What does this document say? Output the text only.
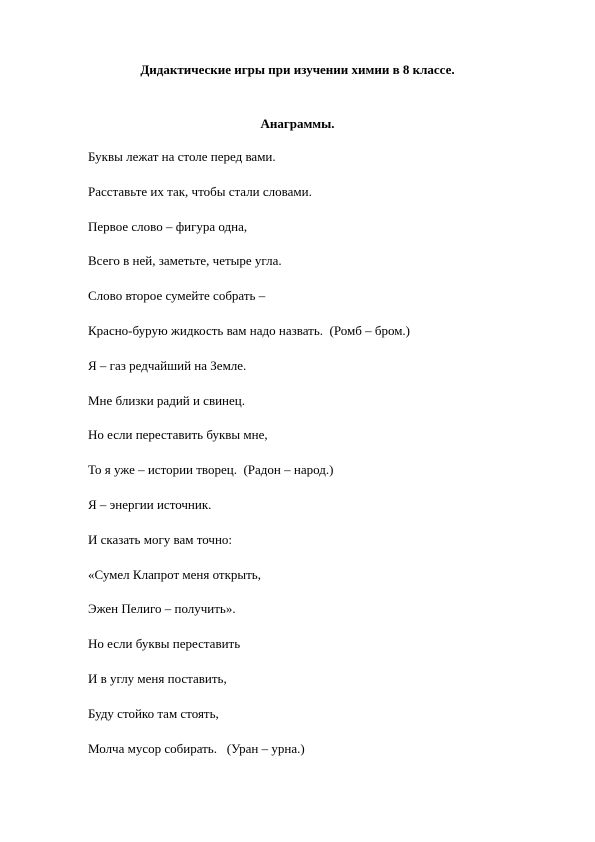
Дидактические игры при изучении химии в 8 классе.
Анаграммы.
Буквы лежат на столе перед вами.
Расставьте их так, чтобы стали словами.
Первое слово – фигура одна,
Всего в ней, заметьте, четыре угла.
Слово второе сумейте собрать –
Красно-бурую жидкость вам надо назвать.  (Ромб – бром.)
Я – газ редчайший на Земле.
Мне близки радий и свинец.
Но если переставить буквы мне,
То я уже – истории творец.  (Радон – народ.)
Я – энергии источник.
И сказать могу вам точно:
«Сумел Клапрот меня открыть,
Эжен Пелиго – получить».
Но если буквы переставить
И в углу меня поставить,
Буду стойко там стоять,
Молча мусор собирать.   (Уран – урна.)
